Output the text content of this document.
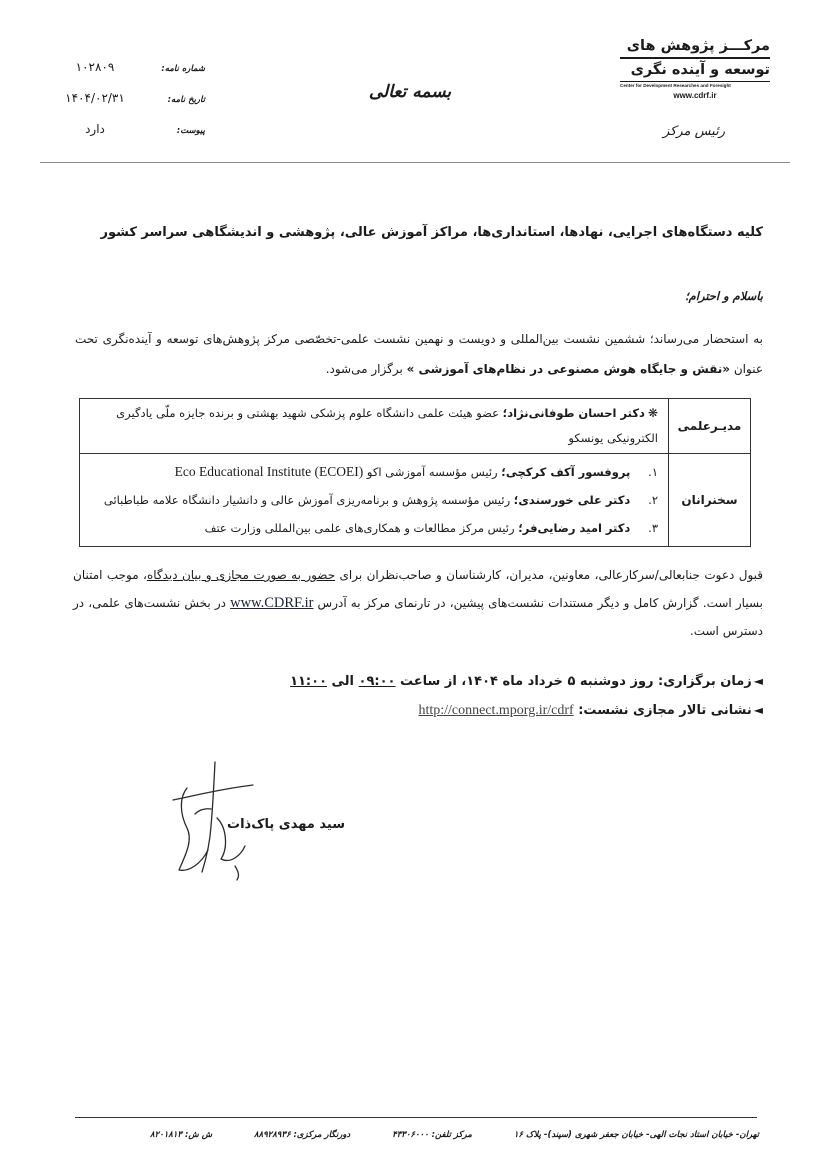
مرکـــز پژوهش های
توسعه و آینده نگری
Center for Development Researches and Foresight
www.cdrf.ir
رئیس مرکز
بسمه تعالی
شماره نامه:
۱۰۲۸۰۹
تاریخ نامه:
۱۴۰۴/۰۲/۳۱
پیوست:
دارد
کلیه دستگاه‌های اجرایی، نهادها، استانداری‌ها، مراکز آموزش عالی، پژوهشی و اندیشگاهی سراسر کشور
باسلام و احترام؛

به استحضار می‌رساند؛ ششمین نشست بین‌المللی و دویست و نهمین نشست علمی-تخصّصی مرکز پژوهش‌های توسعه و آینده‌نگری تحت عنوان «نقش و جایگاه هوش مصنوعی در نظام‌های آموزشی » برگزار می‌شود.

مدیـرعلمی	❋دکتر احسان طوفانی‌نژاد؛ عضو هیئت علمی دانشگاه علوم پزشکی شهید بهشتی و برنده جایزه ملّی یادگیری الکترونیکی یونسکو
سخنرانان	۱. پروفسور آکف کرکچی؛ رئیس مؤسسه آموزشی اکو Eco Educational Institute (ECOEI)
۲. دکتر علی خورسندی؛ رئیس مؤسسه پژوهش و برنامه‌ریزی آموزش عالی و دانشیار دانشگاه علامه طباطبائی
۳. دکتر امید رضایی‌فر؛ رئیس مرکز مطالعات و همکاری‌های علمی بین‌المللی وزارت عتف

قبول دعوت جنابعالی/سرکارعالی، معاونین، مدیران، کارشناسان و صاحب‌نظران برای حضور به صورت مجازی و بیان دیدگاه، موجب امتنان بسیار است. گزارش کامل و دیگر مستندات نشست‌های پیشین، در تارنمای مرکز به آدرس www.CDRF.ir در بخش نشست‌های علمی، در دسترس است.

◄زمان برگزاری: روز دوشنبه ۵ خرداد ماه ۱۴۰۴، از ساعت ۰۹:۰۰ الی ۱۱:۰۰
◄نشانی تالار مجازی نشست: http://connect.mporg.ir/cdrf
سید مهدی پاک‌ذات
تهران- خیابان استاد نجات الهی- خیابان جعفر شهری (سپند)- پلاک ۱۶
مرکز تلفن: ۴۳۳۰۶۰۰۰
دورنگار مرکزی: ۸۸۹۲۸۹۳۶
ش ش: ۸۲۰۱۸۱۳
